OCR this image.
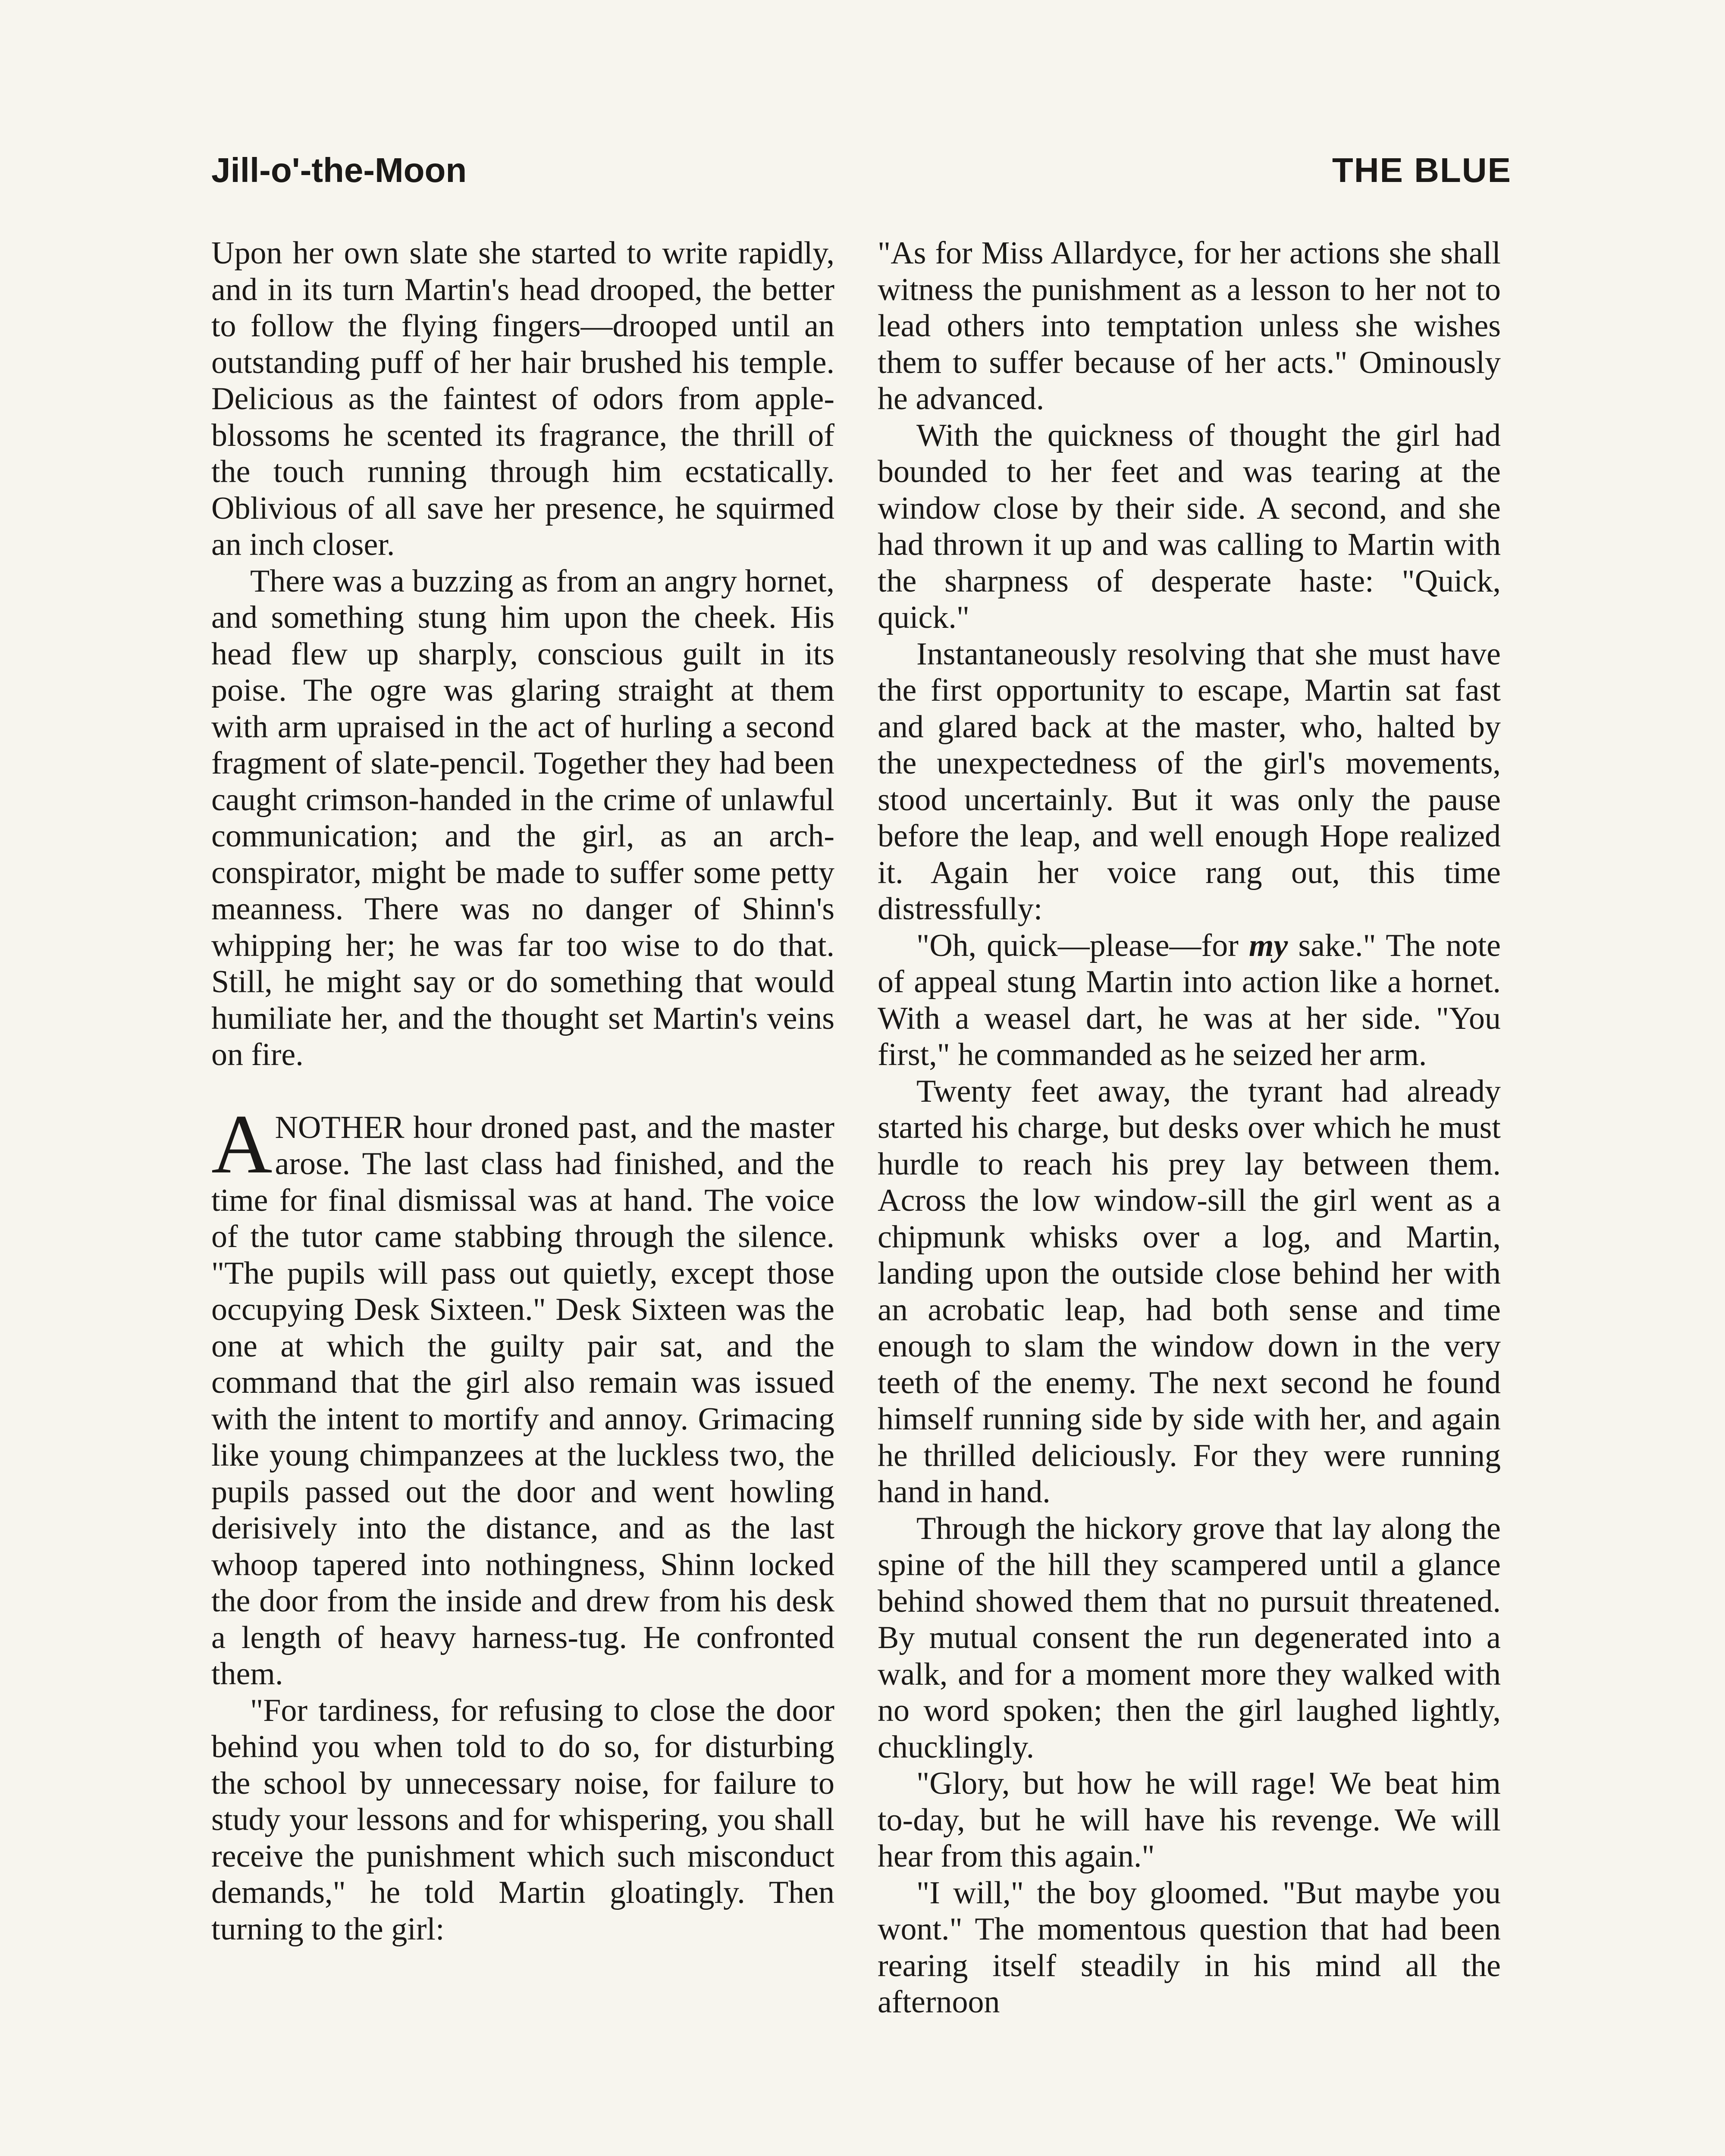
Jill-o'-the-Moon	THE BLUE

Upon her own slate she started to write rapidly, and in its turn Martin's head drooped, the better to follow the flying fingers—drooped until an outstanding puff of her hair brushed his temple. Delicious as the faintest of odors from apple-blossoms he scented its fragrance, the thrill of the touch running through him ecstatically. Oblivious of all save her presence, he squirmed an inch closer.

There was a buzzing as from an angry hornet, and something stung him upon the cheek. His head flew up sharply, conscious guilt in its poise. The ogre was glaring straight at them with arm upraised in the act of hurling a second fragment of slate-pencil. Together they had been caught crimson-handed in the crime of unlawful communication; and the girl, as an arch-conspirator, might be made to suffer some petty meanness. There was no danger of Shinn's whipping her; he was far too wise to do that. Still, he might say or do something that would humiliate her, and the thought set Martin's veins on fire.

ANOTHER hour droned past, and the master arose. The last class had finished, and the time for final dismissal was at hand. The voice of the tutor came stabbing through the silence. "The pupils will pass out quietly, except those occupying Desk Sixteen." Desk Sixteen was the one at which the guilty pair sat, and the command that the girl also remain was issued with the intent to mortify and annoy. Grimacing like young chimpanzees at the luckless two, the pupils passed out the door and went howling derisively into the distance, and as the last whoop tapered into nothingness, Shinn locked the door from the inside and drew from his desk a length of heavy harness-tug. He confronted them.

"For tardiness, for refusing to close the door behind you when told to do so, for disturbing the school by unnecessary noise, for failure to study your lessons and for whispering, you shall receive the punishment which such misconduct demands," he told Martin gloatingly. Then turning to the girl:

"As for Miss Allardyce, for her actions she shall witness the punishment as a lesson to her not to lead others into temptation unless she wishes them to suffer because of her acts." Ominously he advanced.

With the quickness of thought the girl had bounded to her feet and was tearing at the window close by their side. A second, and she had thrown it up and was calling to Martin with the sharpness of desperate haste: "Quick, quick."

Instantaneously resolving that she must have the first opportunity to escape, Martin sat fast and glared back at the master, who, halted by the unexpectedness of the girl's movements, stood uncertainly. But it was only the pause before the leap, and well enough Hope realized it. Again her voice rang out, this time distressfully:

"Oh, quick—please—for my sake." The note of appeal stung Martin into action like a hornet. With a weasel dart, he was at her side. "You first," he commanded as he seized her arm.

Twenty feet away, the tyrant had already started his charge, but desks over which he must hurdle to reach his prey lay between them. Across the low window-sill the girl went as a chipmunk whisks over a log, and Martin, landing upon the outside close behind her with an acrobatic leap, had both sense and time enough to slam the window down in the very teeth of the enemy. The next second he found himself running side by side with her, and again he thrilled deliciously. For they were running hand in hand.

Through the hickory grove that lay along the spine of the hill they scampered until a glance behind showed them that no pursuit threatened. By mutual consent the run degenerated into a walk, and for a moment more they walked with no word spoken; then the girl laughed lightly, chucklingly.

"Glory, but how he will rage! We beat him to-day, but he will have his revenge. We will hear from this again."

"I will," the boy gloomed. "But maybe you wont." The momentous question that had been rearing itself steadily in his mind all the afternoon
